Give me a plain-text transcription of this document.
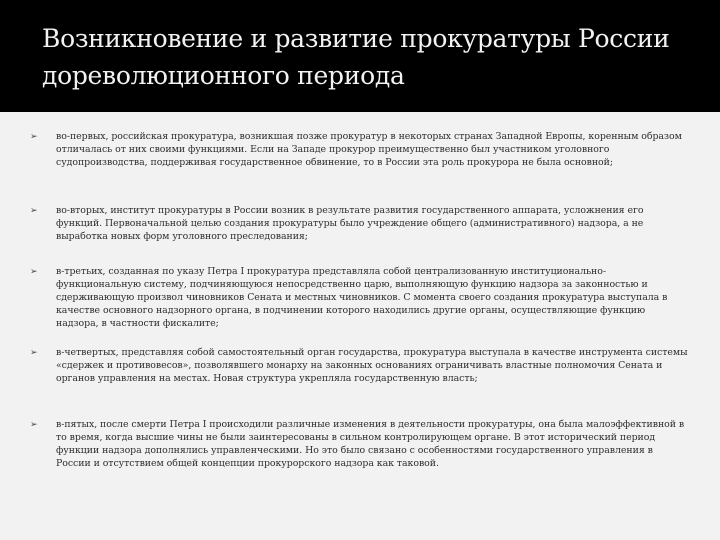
Возникновение и развитие прокуратуры России
дореволюционного периода
➢	во-первых, российская прокуратура, возникшая позже прокуратур в некоторых странах Западной Европы, коренным образом отличалась от них своими функциями. Если на Западе прокурор преимущественно был участником уголовного судопроизводства, поддерживая государственное обвинение, то в России эта роль прокурора не была основной;
➢	во-вторых, институт прокуратуры в России возник в результате развития государственного аппарата, усложнения его функций. Первоначальной целью создания прокуратуры было учреждение общего (административного) надзора, а не выработка новых форм уголовного преследования;
➢	в-третьих, созданная по указу Петра I прокуратура представляла собой централизованную институционально-функциональную систему, подчиняющуюся непосредственно царю, выполняющую функцию надзора за законностью и сдерживающую произвол чиновников Сената и местных чиновников. С момента своего создания прокуратура выступала в качестве основного надзорного органа, в подчинении которого находились другие органы, осуществляющие функцию надзора, в частности фискалите;
➢	в-четвертых, представляя собой самостоятельный орган государства, прокуратура выступала в качестве инструмента системы «сдержек и противовесов», позволявшего монарху на законных основаниях ограничивать властные полномочия Сената и органов управления на местах. Новая структура укрепляла государственную власть;
➢	в-пятых, после смерти Петра I происходили различные изменения в деятельности прокуратуры, она была малоэффективной в то время, когда высшие чины не были заинтересованы в сильном контролирующем органе. В этот исторический период функции надзора дополнялись управленческими. Но это было связано с особенностями государственного управления в России и отсутствием общей концепции прокурорского надзора как таковой.
